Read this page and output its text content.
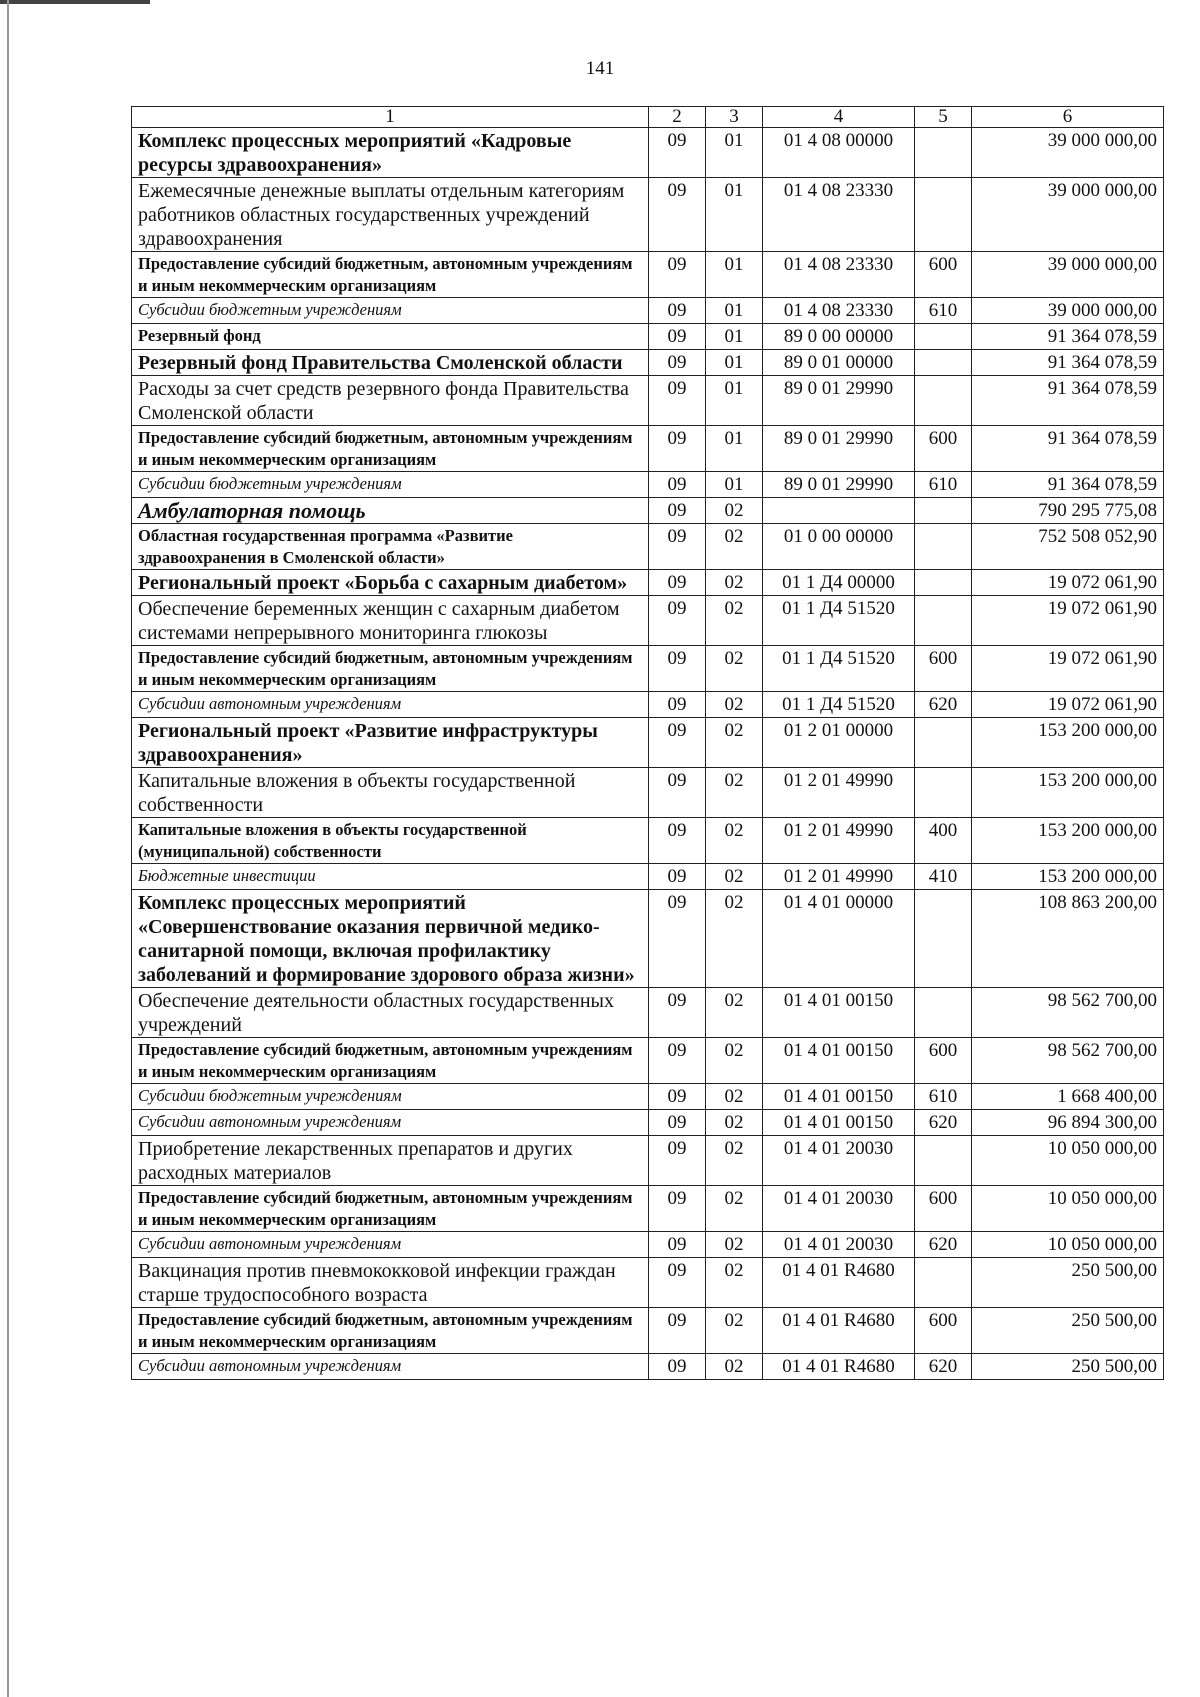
141
1	2	3	4	5	6
Комплекс процессных мероприятий «Кадровые ресурсы здравоохранения»	09	01	01 4 08 00000		39 000 000,00
Ежемесячные денежные выплаты отдельным категориям работников областных государственных учреждений здравоохранения	09	01	01 4 08 23330		39 000 000,00
Предоставление субсидий бюджетным, автономным учреждениям и иным некоммерческим организациям	09	01	01 4 08 23330	600	39 000 000,00
Субсидии бюджетным учреждениям	09	01	01 4 08 23330	610	39 000 000,00
Резервный фонд	09	01	89 0 00 00000		91 364 078,59
Резервный фонд Правительства Смоленской области	09	01	89 0 01 00000		91 364 078,59
Расходы за счет средств резервного фонда Правительства Смоленской области	09	01	89 0 01 29990		91 364 078,59
Предоставление субсидий бюджетным, автономным учреждениям и иным некоммерческим организациям	09	01	89 0 01 29990	600	91 364 078,59
Субсидии бюджетным учреждениям	09	01	89 0 01 29990	610	91 364 078,59
Амбулаторная помощь	09	02			790 295 775,08
Областная государственная программа «Развитие здравоохранения в Смоленской области»	09	02	01 0 00 00000		752 508 052,90
Региональный проект «Борьба с сахарным диабетом»	09	02	01 1 Д4 00000		19 072 061,90
Обеспечение беременных женщин с сахарным диабетом системами непрерывного мониторинга глюкозы	09	02	01 1 Д4 51520		19 072 061,90
Предоставление субсидий бюджетным, автономным учреждениям и иным некоммерческим организациям	09	02	01 1 Д4 51520	600	19 072 061,90
Субсидии автономным учреждениям	09	02	01 1 Д4 51520	620	19 072 061,90
Региональный проект «Развитие инфраструктуры здравоохранения»	09	02	01 2 01 00000		153 200 000,00
Капитальные вложения в объекты государственной собственности	09	02	01 2 01 49990		153 200 000,00
Капитальные вложения в объекты государственной (муниципальной) собственности	09	02	01 2 01 49990	400	153 200 000,00
Бюджетные инвестиции	09	02	01 2 01 49990	410	153 200 000,00
Комплекс процессных мероприятий «Совершенствование оказания первичной медико-санитарной помощи, включая профилактику заболеваний и формирование здорового образа жизни»	09	02	01 4 01 00000		108 863 200,00
Обеспечение деятельности областных государственных учреждений	09	02	01 4 01 00150		98 562 700,00
Предоставление субсидий бюджетным, автономным учреждениям и иным некоммерческим организациям	09	02	01 4 01 00150	600	98 562 700,00
Субсидии бюджетным учреждениям	09	02	01 4 01 00150	610	1 668 400,00
Субсидии автономным учреждениям	09	02	01 4 01 00150	620	96 894 300,00
Приобретение лекарственных препаратов и других расходных материалов	09	02	01 4 01 20030		10 050 000,00
Предоставление субсидий бюджетным, автономным учреждениям и иным некоммерческим организациям	09	02	01 4 01 20030	600	10 050 000,00
Субсидии автономным учреждениям	09	02	01 4 01 20030	620	10 050 000,00
Вакцинация против пневмококковой инфекции граждан старше трудоспособного возраста	09	02	01 4 01 R4680		250 500,00
Предоставление субсидий бюджетным, автономным учреждениям и иным некоммерческим организациям	09	02	01 4 01 R4680	600	250 500,00
Субсидии автономным учреждениям	09	02	01 4 01 R4680	620	250 500,00
